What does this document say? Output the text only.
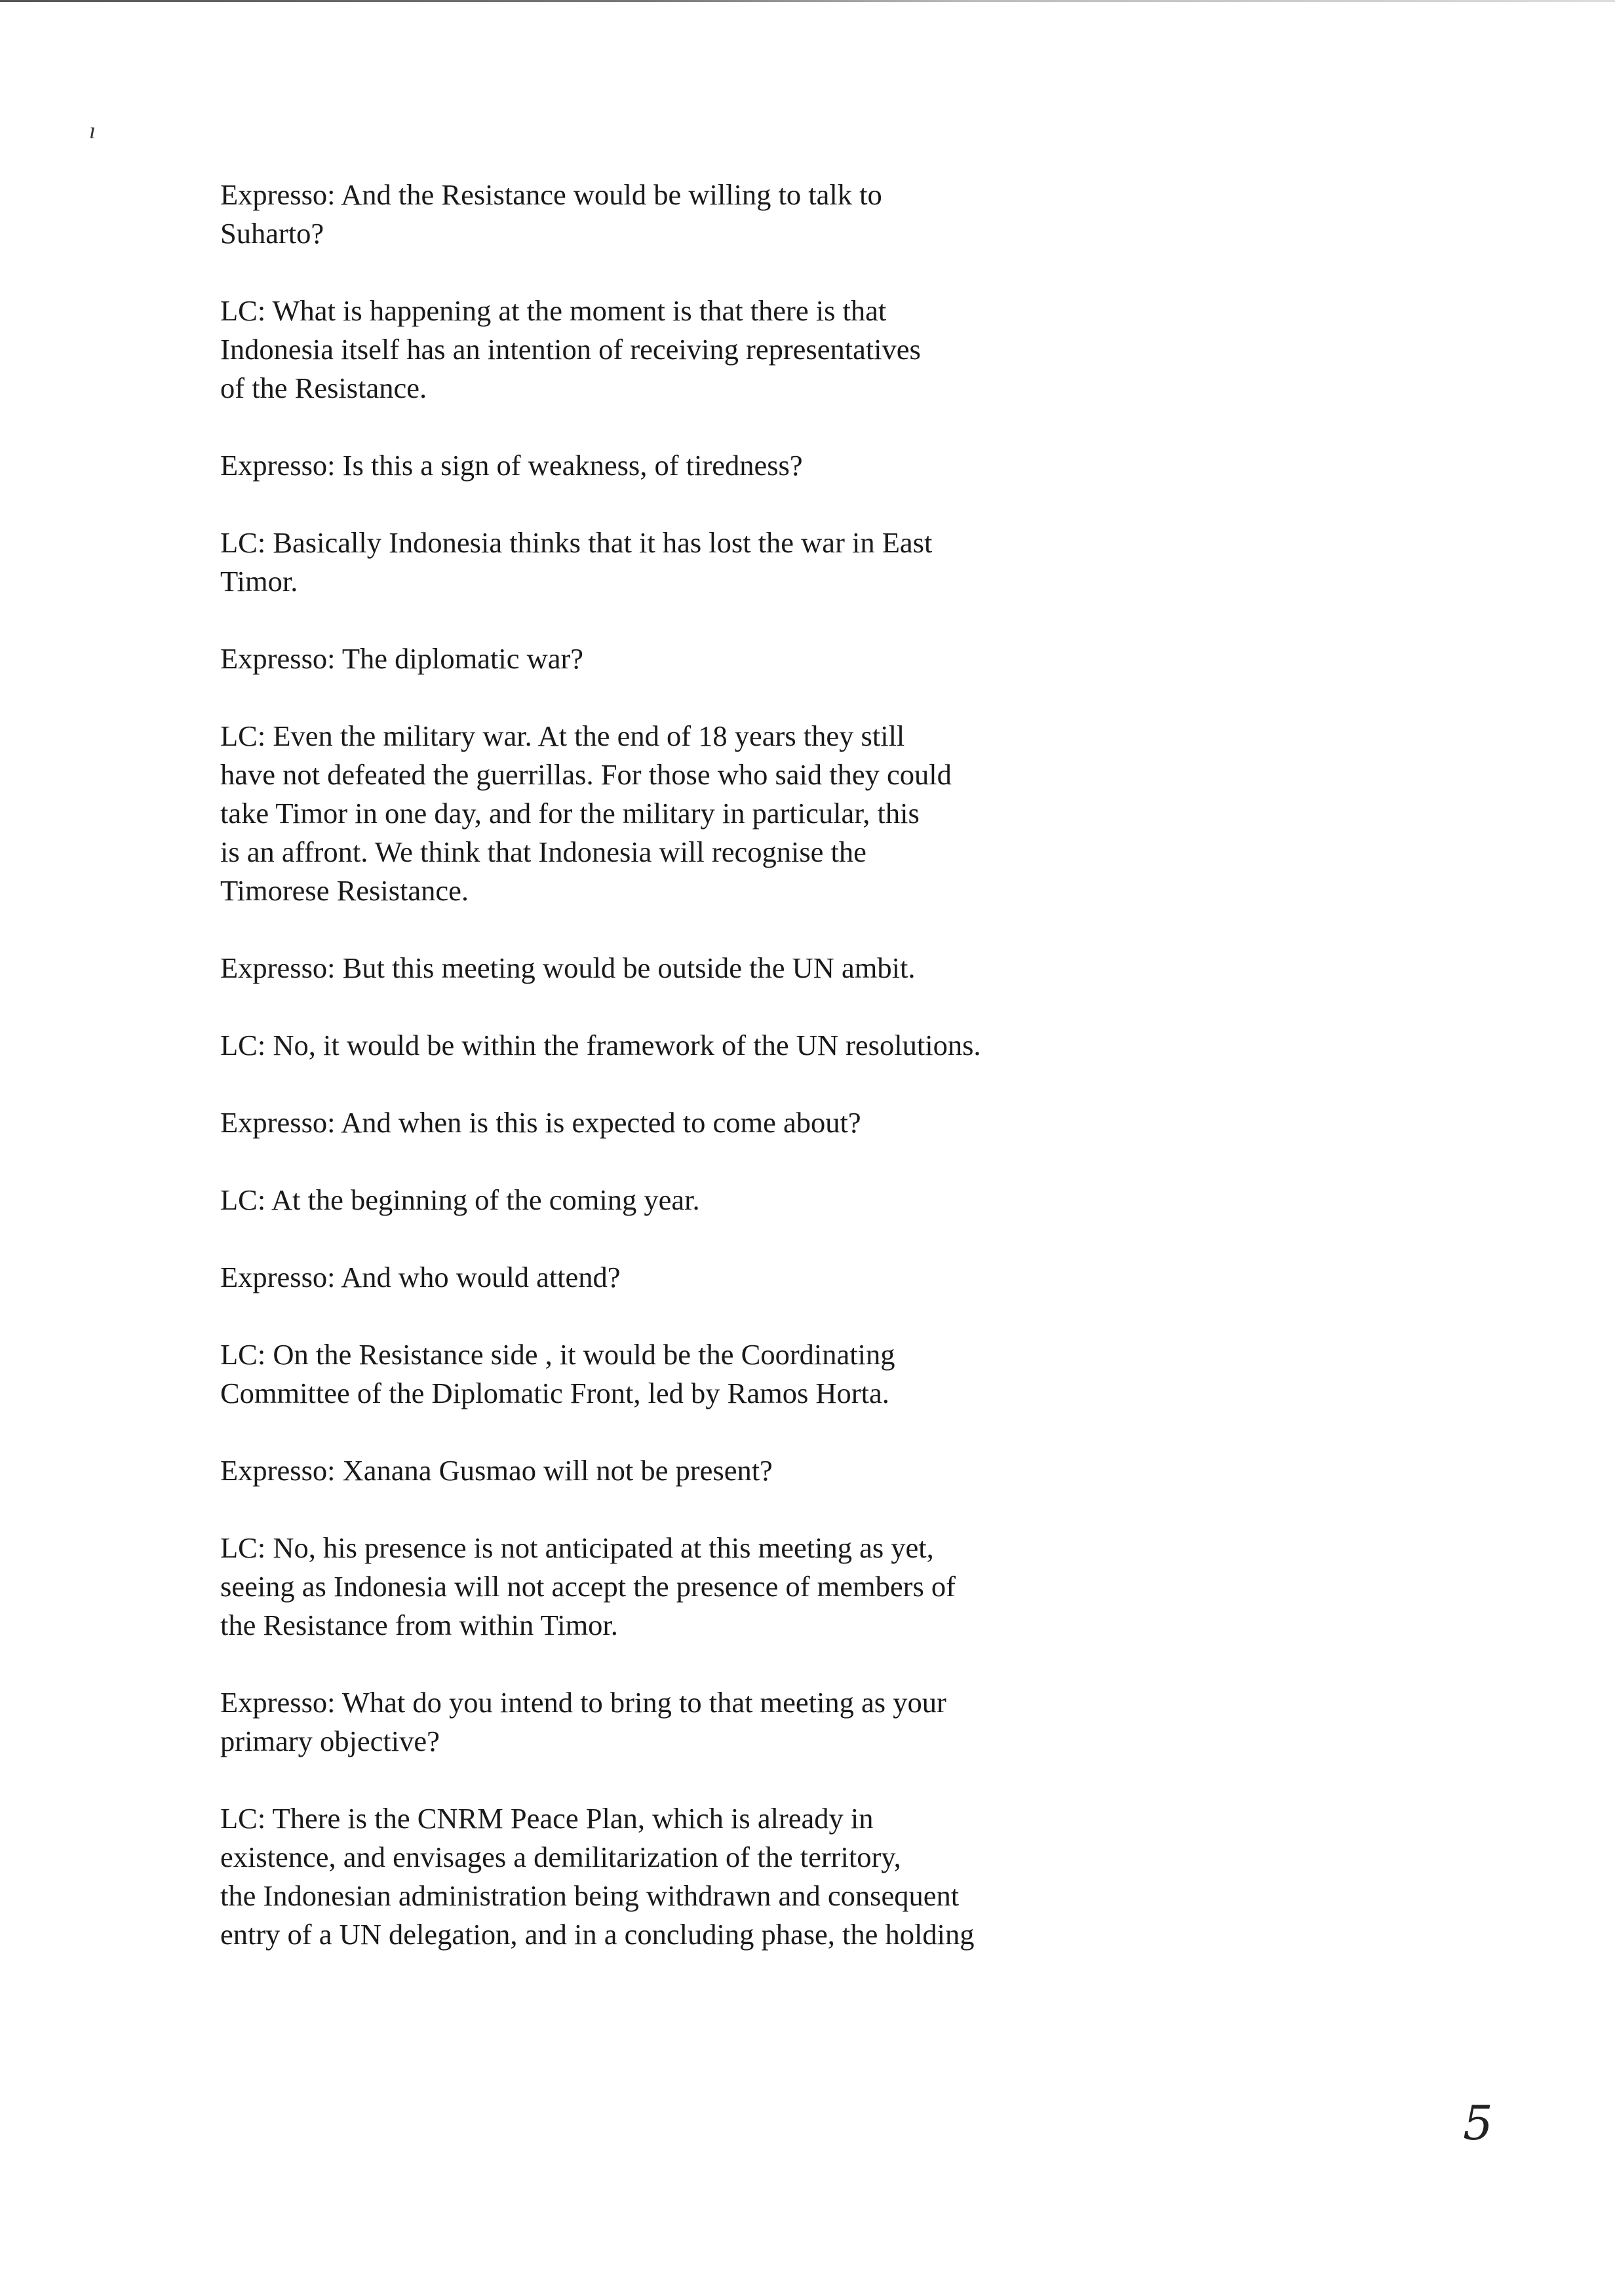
ı

Expresso: And the Resistance would be willing to talk to
Suharto?

LC: What is happening at the moment is that there is that
Indonesia itself has an intention of receiving representatives
of the Resistance.

Expresso: Is this a sign of weakness, of tiredness?

LC: Basically Indonesia thinks that it has lost the war in East
Timor.

Expresso: The diplomatic war?

LC: Even the military war. At the end of 18 years they still
have not defeated the guerrillas. For those who said they could
take Timor in one day, and for the military in particular, this
is an affront. We think that Indonesia will recognise the
Timorese Resistance.

Expresso: But this meeting would be outside the UN ambit.

LC: No, it would be within the framework of the UN resolutions.

Expresso: And when is this is expected to come about?

LC: At the beginning of the coming year.

Expresso: And who would attend?

LC: On the Resistance side , it would be the Coordinating
Committee of the Diplomatic Front, led by Ramos Horta.

Expresso: Xanana Gusmao will not be present?

LC: No, his presence is not anticipated at this meeting as yet,
seeing as Indonesia will not accept the presence of members of
the Resistance from within Timor.

Expresso: What do you intend to bring to that meeting as your
primary objective?

LC: There is the CNRM Peace Plan, which is already in
existence, and envisages a demilitarization of the territory,
the Indonesian administration being withdrawn and consequent
entry of a UN delegation, and in a concluding phase, the holding

5
